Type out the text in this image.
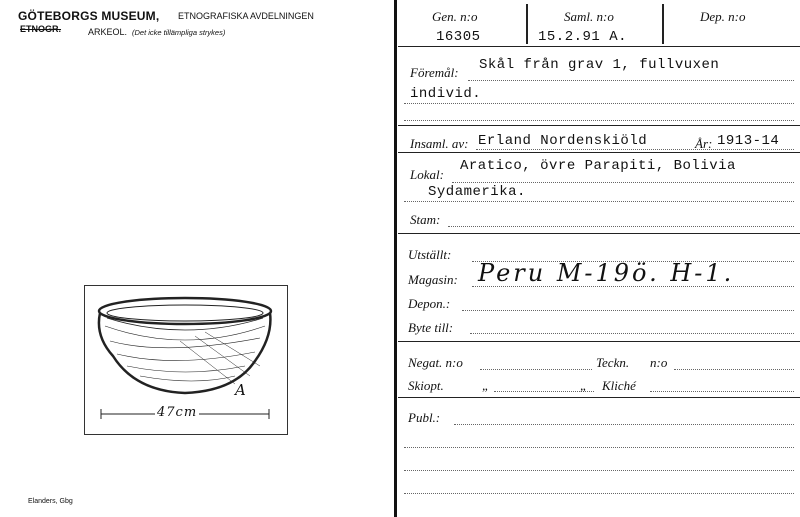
GÖTEBORGS MUSEUM, ETNOGRAFISKA AVDELNINGEN
ETNOGR.	ARKEOL. (Det icke tillämpliga strykes)
A
47cm
Elanders, Gbg
Gen. n:o	Saml. n:o	Dep. n:o
16305	15.2.91 A.
Föremål: Skål från grav 1, fullvuxen
individ.
Insaml. av: Erland Nordenskiöld	År: 1913-14
Lokal:
Aratico, övre Parapiti, Bolivia
Sydamerika.
Stam:
Utställt:
Magasin: Peru M-19ö. H-1.
Depon.:
Byte till:
Negat. n:o	Teckn. n:o
Skiopt.	„	„ Kliché
Publ.:
